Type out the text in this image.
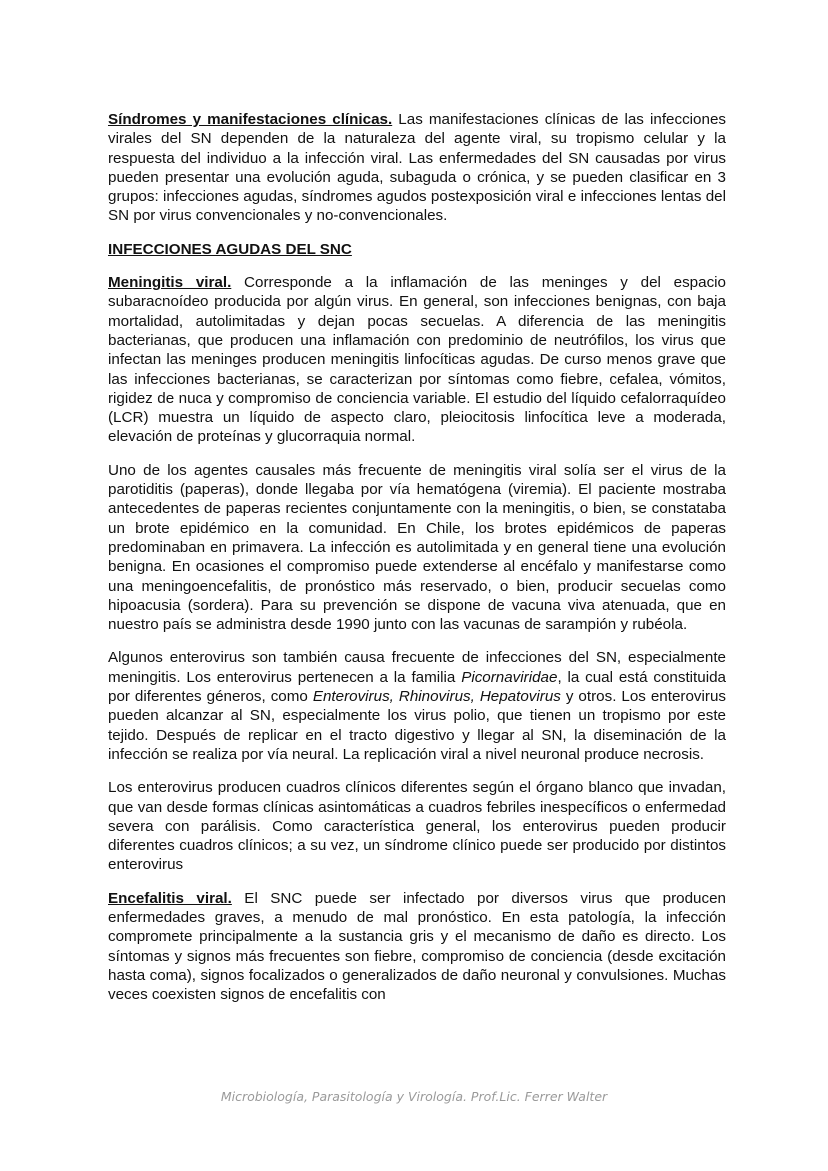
Síndromes y manifestaciones clínicas. Las manifestaciones clínicas de las infecciones virales del SN dependen de la naturaleza del agente viral, su tropismo celular y la respuesta del individuo a la infección viral. Las enfermedades del SN causadas por virus pueden presentar una evolución aguda, subaguda o crónica, y se pueden clasificar en 3 grupos: infecciones agudas, síndromes agudos postexposición viral e infecciones lentas del SN por virus convencionales y no-convencionales.

INFECCIONES AGUDAS DEL SNC

Meningitis viral. Corresponde a la inflamación de las meninges y del espacio subaracnoídeo producida por algún virus. En general, son infecciones benignas, con baja mortalidad, autolimitadas y dejan pocas secuelas. A diferencia de las meningitis bacterianas, que producen una inflamación con predominio de neutrófilos, los virus que infectan las meninges producen meningitis linfocíticas agudas. De curso menos grave que las infecciones bacterianas, se caracterizan por síntomas como fiebre, cefalea, vómitos, rigidez de nuca y compromiso de conciencia variable. El estudio del líquido cefalorraquídeo (LCR) muestra un líquido de aspecto claro, pleiocitosis linfocítica leve a moderada, elevación de proteínas y glucorraquia normal.

Uno de los agentes causales más frecuente de meningitis viral solía ser el virus de la parotiditis (paperas), donde llegaba por vía hematógena (viremia). El paciente mostraba antecedentes de paperas recientes conjuntamente con la meningitis, o bien, se constataba un brote epidémico en la comunidad. En Chile, los brotes epidémicos de paperas predominaban en primavera. La infección es autolimitada y en general tiene una evolución benigna. En ocasiones el compromiso puede extenderse al encéfalo y manifestarse como una meningoencefalitis, de pronóstico más reservado, o bien, producir secuelas como hipoacusia (sordera). Para su prevención se dispone de vacuna viva atenuada, que en nuestro país se administra desde 1990 junto con las vacunas de sarampión y rubéola.

Algunos enterovirus son también causa frecuente de infecciones del SN, especialmente meningitis. Los enterovirus pertenecen a la familia Picornaviridae, la cual está constituida por diferentes géneros, como Enterovirus, Rhinovirus, Hepatovirus y otros. Los enterovirus pueden alcanzar al SN, especialmente los virus polio, que tienen un tropismo por este tejido. Después de replicar en el tracto digestivo y llegar al SN, la diseminación de la infección se realiza por vía neural. La replicación viral a nivel neuronal produce necrosis.

Los enterovirus producen cuadros clínicos diferentes según el órgano blanco que invadan, que van desde formas clínicas asintomáticas a cuadros febriles inespecíficos o enfermedad severa con parálisis. Como característica general, los enterovirus pueden producir diferentes cuadros clínicos; a su vez, un síndrome clínico puede ser producido por distintos enterovirus

Encefalitis viral. El SNC puede ser infectado por diversos virus que producen enfermedades graves, a menudo de mal pronóstico. En esta patología, la infección compromete principalmente a la sustancia gris y el mecanismo de daño es directo. Los síntomas y signos más frecuentes son fiebre, compromiso de conciencia (desde excitación hasta coma), signos focalizados o generalizados de daño neuronal y convulsiones. Muchas veces coexisten signos de encefalitis con

Microbiología, Parasitología y Virología. Prof.Lic. Ferrer Walter
